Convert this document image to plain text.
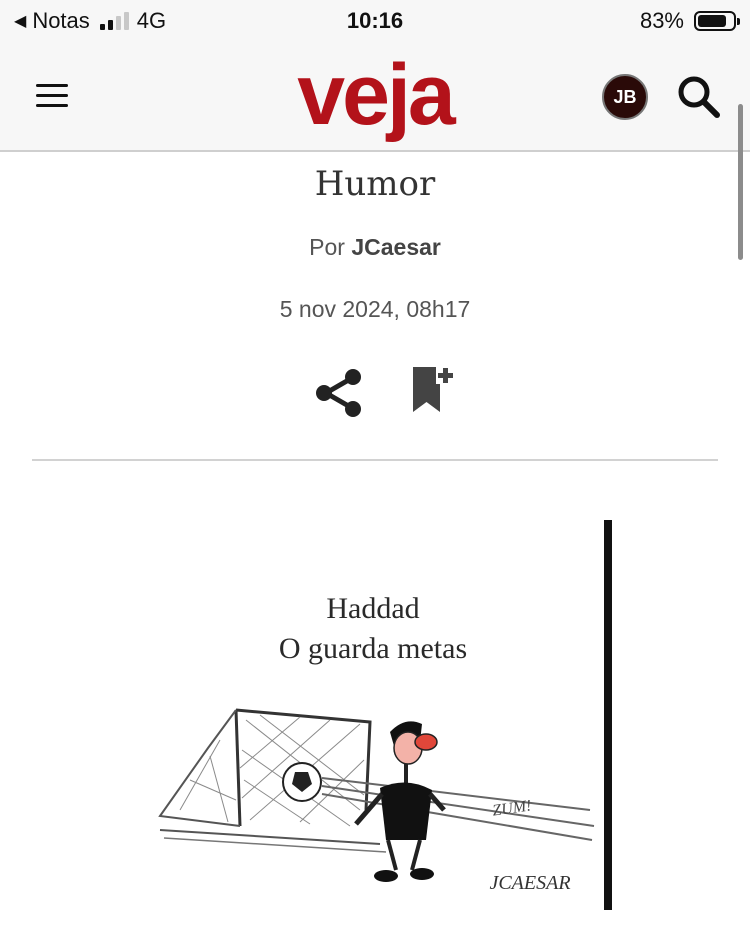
◀ Notas 4G	10:16	83%
veja	JB
Humor
Por JCaesar
5 nov 2024, 08h17
Haddad
O guarda metas
ZUM!
JCAESAR
